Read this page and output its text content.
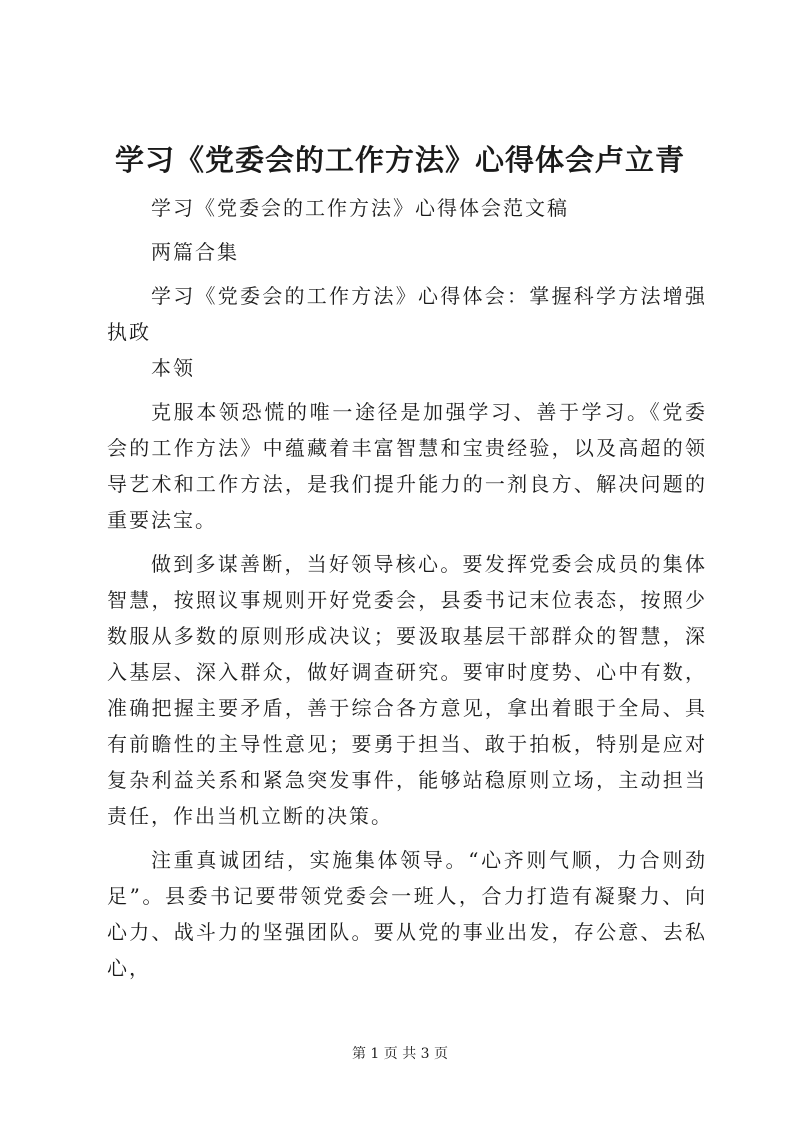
学习《党委会的工作方法》心得体会卢立青

学习《党委会的工作方法》心得体会范文稿

两篇合集

学习《党委会的工作方法》心得体会：掌握科学方法增强执政

本领

克服本领恐慌的唯一途径是加强学习、善于学习。《党委会的工作方法》中蕴藏着丰富智慧和宝贵经验，以及高超的领导艺术和工作方法，是我们提升能力的一剂良方、解决问题的重要法宝。

做到多谋善断，当好领导核心。要发挥党委会成员的集体智慧，按照议事规则开好党委会，县委书记末位表态，按照少数服从多数的原则形成决议；要汲取基层干部群众的智慧，深入基层、深入群众，做好调查研究。要审时度势、心中有数，准确把握主要矛盾，善于综合各方意见，拿出着眼于全局、具有前瞻性的主导性意见；要勇于担当、敢于拍板，特别是应对复杂利益关系和紧急突发事件，能够站稳原则立场，主动担当责任，作出当机立断的决策。

注重真诚团结，实施集体领导。“心齐则气顺，力合则劲足”。县委书记要带领党委会一班人，合力打造有凝聚力、向心力、战斗力的坚强团队。要从党的事业出发，存公意、去私心，

第 1 页 共 3 页
